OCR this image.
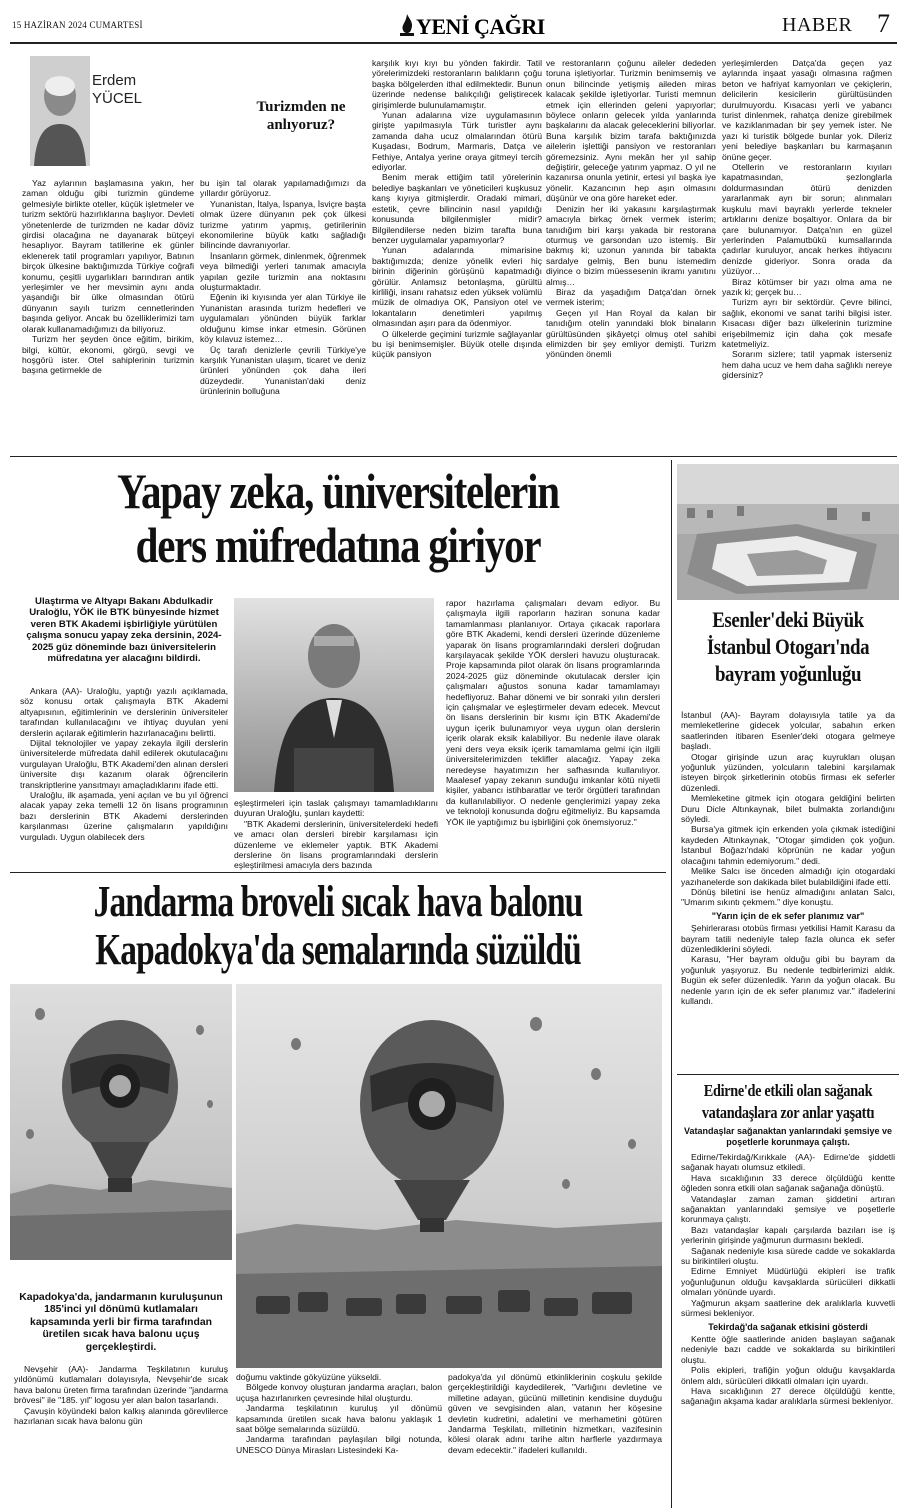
15 HAZİRAN 2024 CUMARTESİ	YENİ ÇAĞRI	HABER 7
Erdem
YÜCEL	Turizmden ne anlıyoruz?

Yaz aylarının başlamasına yakın, her zaman olduğu gibi turizmin gündeme gelmesiyle birlikte oteller, küçük işletmeler ve turizm sektörü hazırlıklarına başlıyor. Devleti yönetenlerde de turizmden ne kadar döviz girdisi olacağına ne dayanarak bütçeyi hesaplıyor. Bayram tatillerine ek günler eklenerek tatil programları yapılıyor, Batının birçok ülkesine baktığımızda Türkiye coğrafi konumu, çeşitli uygarlıkları barındıran antik yerleşimler ve her mevsimin aynı anda yaşandığı bir ülke olmasından ötürü dünyanın sayılı turizm cennetlerinden başında geliyor. Ancak bu özelliklerimizi tam olarak kullanamadığımızı da biliyoruz.

Turizm her şeyden önce eğitim, birikim, bilgi, kültür, ekonomi, görgü, sevgi ve hoşgörü ister. Otel sahiplerinin turizmin başına getirmekle de

bu işin tal olarak yapılamadığımızı da yıllardır görüyoruz.

Yunanistan, İtalya, İspanya, İsviçre başta olmak üzere dünyanın pek çok ülkesi turizme yatırım yapmış, getirilerinin ekonomilerine büyük katkı sağladığı bilincinde davranıyorlar.

İnsanların görmek, dinlenmek, öğrenmek veya bilmediği yerleri tanımak amacıyla yapılan gezile turizmin ana noktasını oluşturmaktadır.

Eğenin iki kıyısında yer alan Türkiye ile Yunanistan arasında turizm hedefleri ve uygulamaları yönünden büyük farklar olduğunu kimse inkar etmesin. Görünen köy kılavuz istemez…

Üç tarafı denizlerle çevrili Türkiye'ye karşılık Yunanistan ulaşım, ticaret ve deniz ürünleri yönünden çok daha ileri düzeydedir. Yunanistan'daki deniz ürünlerinin bolluğuna

karşılık kıyı kıyı bu yönden fakirdir. Tatil yörelerimizdeki restoranların balıkların çoğu başka bölgelerden ithal edilmektedir. Bunun üzerinde nedense balıkçılığı geliştirecek girişimlerde bulunulamamıştır.

Yunan adalarına vize uygulamasının girişte yapılmasıyla Türk turistler aynı zamanda daha ucuz olmalarından ötürü Kuşadası, Bodrum, Marmaris, Datça ve Fethiye, Antalya yerine oraya gitmeyi tercih ediyorlar.

Benim merak ettiğim tatil yörelerinin belediye başkanları ve yöneticileri kuşkusuz kanş kıyıya gitmişlerdir. Oradaki mimari, estetik, çevre bilincinin nasıl yapıldığı konusunda bilgilenmişler midir? Bilgilendilerse neden bizim tarafta buna benzer uygulamalar yapamıyorlar?

Yunan adalarında mimarisine baktığımızda; denize yönelik evleri hiç birinin diğerinin görüşünü kapatmadığı görülür. Anlamsız betonlaşma, gürültü kirliliği, insanı rahatsız eden yüksek volümlü müzik de olmadıya OK, Pansiyon otel ve lokantaların denetimleri yapılmış olmasından aşırı para da ödenmiyor.

O ülkelerde geçimini turizmle sağlayanlar bu işi benimsemişler. Büyük otelle dışında küçük pansiyon

ve restoranların çoğunu aileler dededen toruna işletiyorlar. Turizmin benimsemiş ve onun bilincinde yetişmiş aileden miras kalacak şekilde işletiyorlar. Turisti memnun etmek için ellerinden geleni yapıyorlar; böylece onların gelecek yılda yanlarında başkalarını da alacak geleceklerini biliyorlar. Buna karşılık bizim tarafa baktığınızda ailelerin işlettiği pansiyon ve restoranları göremezsiniz. Aynı mekân her yıl sahip değiştirir, geleceğe yatırım yapmaz. O yıl ne kazanırsa onunla yetinir, ertesi yıl başka iye yönelir. Kazancının hep aşın olmasını düşünür ve ona göre hareket eder.

Denizin her iki yakasını karşılaştırmak amacıyla birkaç örnek vermek isterim; tanıdığım biri karşı yakada bir restorana oturmuş ve garsondan uzo istemiş. Bir bakmış ki; uzonun yanında bir tabakta sardalye gelmiş, Ben bunu istemedim diyince o bizim müessesenin ikramı yanıtını almış…

Biraz da yaşadığım Datça'dan örnek vermek isterim;

Geçen yıl Han Royal da kalan bir tanıdığım otelin yanındaki blok binaların gürültüsünden şikâyetçi olmuş otel sahibi elimizden bir şey emliyor demişti. Turizm yönünden önemli

yerleşimlerden Datça'da geçen yaz aylarında inşaat yasağı olmasına rağmen beton ve hafriyat kamyonları ve çekiçlerin, delicilerin kesicilerin gürültüsünden durulmuyordu. Kısacası yerli ve yabancı turist dinlenmek, rahatça denize girebilmek ve kazıklanmadan bir şey yemek ister. Ne yazı ki turistik bölgede bunlar yok. Dileriz yeni belediye başkanları bu karmaşanın önüne geçer.

Otellerin ve restoranların kıyıları kapatmasından, şezlonglarla doldurmasından ötürü denizden yararlanmak ayrı bir sorun; alınmaları kuşkulu mavi bayraklı yerlerde tekneler artıklarını denize boşaltıyor. Onlara da bir çare bulunamıyor. Datça'nın en güzel yerlerinden Palamutbükü kumsallarında çadırlar kuruluyor, ancak herkes ihtiyacını denizde gideriyor. Sonra orada da yüzüyor…

Biraz kötümser bir yazı olma ama ne yazık ki; gerçek bu…

Turizm ayrı bir sektördür. Çevre bilinci, sağlık, ekonomi ve sanat tarihi bilgisi ister. Kısacası diğer bazı ülkelerinin turizmine erişebilmemiz için daha çok mesafe katetmeliyiz.

Sorarım sizlere; tatil yapmak isterseniz hem daha ucuz ve hem daha sağlıklı nereye gidersiniz?

Yapay zeka, üniversitelerin
ders müfredatına giriyor
Ulaştırma ve Altyapı Bakanı Abdulkadir Uraloğlu, YÖK ile BTK bünyesinde hizmet veren BTK Akademi işbirliğiyle yürütülen çalışma sonucu yapay zeka dersinin, 2024-2025 güz döneminde bazı üniversitelerin müfredatına yer alacağını bildirdi.

Ankara (AA)- Uraloğlu, yaptığı yazılı açıklamada, söz konusu ortak çalışmayla BTK Akademi altyapısının, eğitimlerinin ve derslerinin üniversiteler tarafından kullanılacağını ve ihtiyaç duyulan yeni derslerin açılarak eğitimlerin hazırlanacağını belirtti.

Dijital teknolojiler ve yapay zekayla ilgili derslerin üniversitelerde müfredata dahil edilerek okutulacağını vurgulayan Uraloğlu, BTK Akademi'den alınan dersleri üniversite dışı kazanım olarak öğrencilerin transkriptlerine yansıtmayı amaçladıklarını ifade etti.

Uraloğlu, ilk aşamada, yeni açılan ve bu yıl öğrenci alacak yapay zeka temelli 12 ön lisans programının bazı derslerinin BTK Akademi derslerinden karşılanması üzerine çalışmaların yapıldığını vurguladı. Uygun olabilecek ders

eşleştirmeleri için taslak çalışmayı tamamladıklarını duyuran Uraloğlu, şunları kaydetti:

"BTK Akademi derslerinin, üniversitelerdeki hedefi ve amacı olan dersleri birebir karşılaması için düzenleme ve eklemeler yaptık. BTK Akademi derslerine ön lisans programlarındaki derslerin eşleştirilmesi amacıyla ders bazında

rapor hazırlama çalışmaları devam ediyor. Bu çalışmayla ilgili raporların haziran sonuna kadar tamamlanması planlanıyor. Ortaya çıkacak raporlara göre BTK Akademi, kendi dersleri üzerinde düzenleme yaparak ön lisans programlarındaki dersleri doğrudan karşılayacak şekilde YÖK dersleri havuzu oluşturacak. Proje kapsamında pilot olarak ön lisans programlarında 2024-2025 güz döneminde okutulacak dersler için çalışmaları ağustos sonuna kadar tamamlamayı hedefliyoruz. Bahar dönemi ve bir sonraki yılın dersleri için çalışmalar ve eşleştirmeler devam edecek. Mevcut ön lisans derslerinin bir kısmı için BTK Akademi'de uygun içerik bulunamıyor veya uygun olan derslerin içerik olarak eksik kalabiliyor. Bu nedenle ilave olarak yeni ders veya eksik içerik tamamlama gelmi için ilgili üniversitelerimizden teklifler alacağız. Yapay zeka neredeyse hayatımızın her safhasında kullanılıyor. Maalesef yapay zekanın sunduğu imkanlar kötü niyetli kişiler, yabancı istihbaratlar ve terör örgütleri tarafından da kullanılabiliyor. O nedenle gençlerimizi yapay zeka ve teknoloji konusunda doğru eğitmeliyiz. Bu kapsamda YÖK ile yaptığımız bu işbirliğini çok önemsiyoruz."

Esenler'deki Büyük
İstanbul Otogarı'nda
bayram yoğunluğu

İstanbul (AA)- Bayram dolayısıyla tatile ya da memleketlerine gidecek yolcular, sabahın erken saatlerinden itibaren Esenler'deki otogara gelmeye başladı.

Otogar girişinde uzun araç kuyrukları oluşan yoğunluk yüzünden, yolcuların talebini karşılamak isteyen birçok şirketlerinin otobüs firması ek seferler düzenledi.

Memleketine gitmek için otogara geldiğini belirten Duru Dicle Altınkaynak, bilet bulmakta zorlandığını söyledi.

Bursa'ya gitmek için erkenden yola çıkmak istediğini kaydeden Altınkaynak, "Otogar şimdiden çok yoğun. İstanbul Boğazı'ndaki köprünün ne kadar yoğun olacağını tahmin edemiyorum." dedi.

Melike Salcı ise önceden almadığı için otogardaki yazıhanelerde son dakikada bilet bulabildiğini ifade etti.

Dönüş biletini ise henüz almadığını anlatan Salcı, "Umarım sıkıntı çekmem." diye konuştu.

"Yarın için de ek sefer planımız var"

Şehirlerarası otobüs firması yetkilisi Hamit Karasu da bayram tatili nedeniyle talep fazla olunca ek sefer düzenlediklerini söyledi.

Karasu, "Her bayram olduğu gibi bu bayram da yoğunluk yaşıyoruz. Bu nedenle tedbirlerimizi aldık. Bugün ek sefer düzenledik. Yarın da yoğun olacak. Bu nedenle yarın için de ek sefer planımız var." ifadelerini kullandı.

Edirne'de etkili olan sağanak
vatandaşlara zor anlar yaşattı
Vatandaşlar sağanaktan yanlarındaki şemsiye ve poşetlerle korunmaya çalıştı.

Edirne/Tekirdağ/Kırıkkale (AA)- Edirne'de şiddetli sağanak hayatı olumsuz etkiledi.

Hava sıcaklığının 33 derece ölçüldüğü kentte öğleden sonra etkili olan sağanak sağanağa dönüştü.

Vatandaşlar zaman zaman şiddetini artıran sağanaktan yanlarındaki şemsiye ve poşetlerle korunmaya çalıştı.

Bazı vatandaşlar kapalı çarşılarda bazıları ise iş yerlerinin girişinde yağmurun durmasını bekledi.

Sağanak nedeniyle kısa sürede cadde ve sokaklarda su birikintileri oluştu.

Edirne Emniyet Müdürlüğü ekipleri ise trafik yoğunluğunun olduğu kavşaklarda sürücüleri dikkatli olmaları yönünde uyardı.

Yağmurun akşam saatlerine dek aralıklarla kuvvetli sürmesi bekleniyor.

Tekirdağ'da sağanak etkisini gösterdi

Kentte öğle saatlerinde aniden başlayan sağanak nedeniyle bazı cadde ve sokaklarda su birikintileri oluştu.

Polis ekipleri, trafiğin yoğun olduğu kavşaklarda önlem aldı, sürücüleri dikkatli olmaları için uyardı.

Hava sıcaklığının 27 derece ölçüldüğü kentte, sağanağın akşama kadar aralıklarla sürmesi bekleniyor.

Jandarma broveli sıcak hava balonu
Kapadokya'da semalarında süzüldü
Kapadokya'da, jandarmanın kuruluşunun 185'inci yıl dönümü kutlamaları kapsamında yerli bir firma tarafından üretilen sıcak hava balonu uçuş gerçekleştirdi.

Nevşehir (AA)- Jandarma Teşkilatının kuruluş yıldönümü kutlamaları dolayısıyla, Nevşehir'de sıcak hava balonu üreten firma tarafından üzerinde "jandarma brövesi" ile "185. yıl" logosu yer alan balon tasarlandı.

Çavuşin köyündeki balon kalkış alanında görevlilerce hazırlanan sıcak hava balonu gün

doğumu vaktinde gökyüzüne yükseldi.

Bölgede konvoy oluşturan jandarma araçları, balon uçuşa hazırlanırken çevresinde hilal oluşturdu.

Jandarma teşkilatının kuruluş yıl dönümü kapsamında üretilen sıcak hava balonu yaklaşık 1 saat bölge semalarında süzüldü.

Jandarma tarafından paylaşılan bilgi notunda, UNESCO Dünya Mirasları Listesindeki Ka-

padokya'da yıl dönümü etkinliklerinin coşkulu şekilde gerçekleştirildiği kaydedilerek, "Varlığını devletine ve milletine adayan, gücünü milletinin kendisine duyduğu güven ve sevgisinden alan, vatanın her köşesine devletin kudretini, adaletini ve merhametini götüren Jandarma Teşkilatı, milletinin hizmetkarı, vazifesinin kölesi olarak adını tarihe altın harflerle yazdırmaya devam edecektir." ifadeleri kullanıldı.
